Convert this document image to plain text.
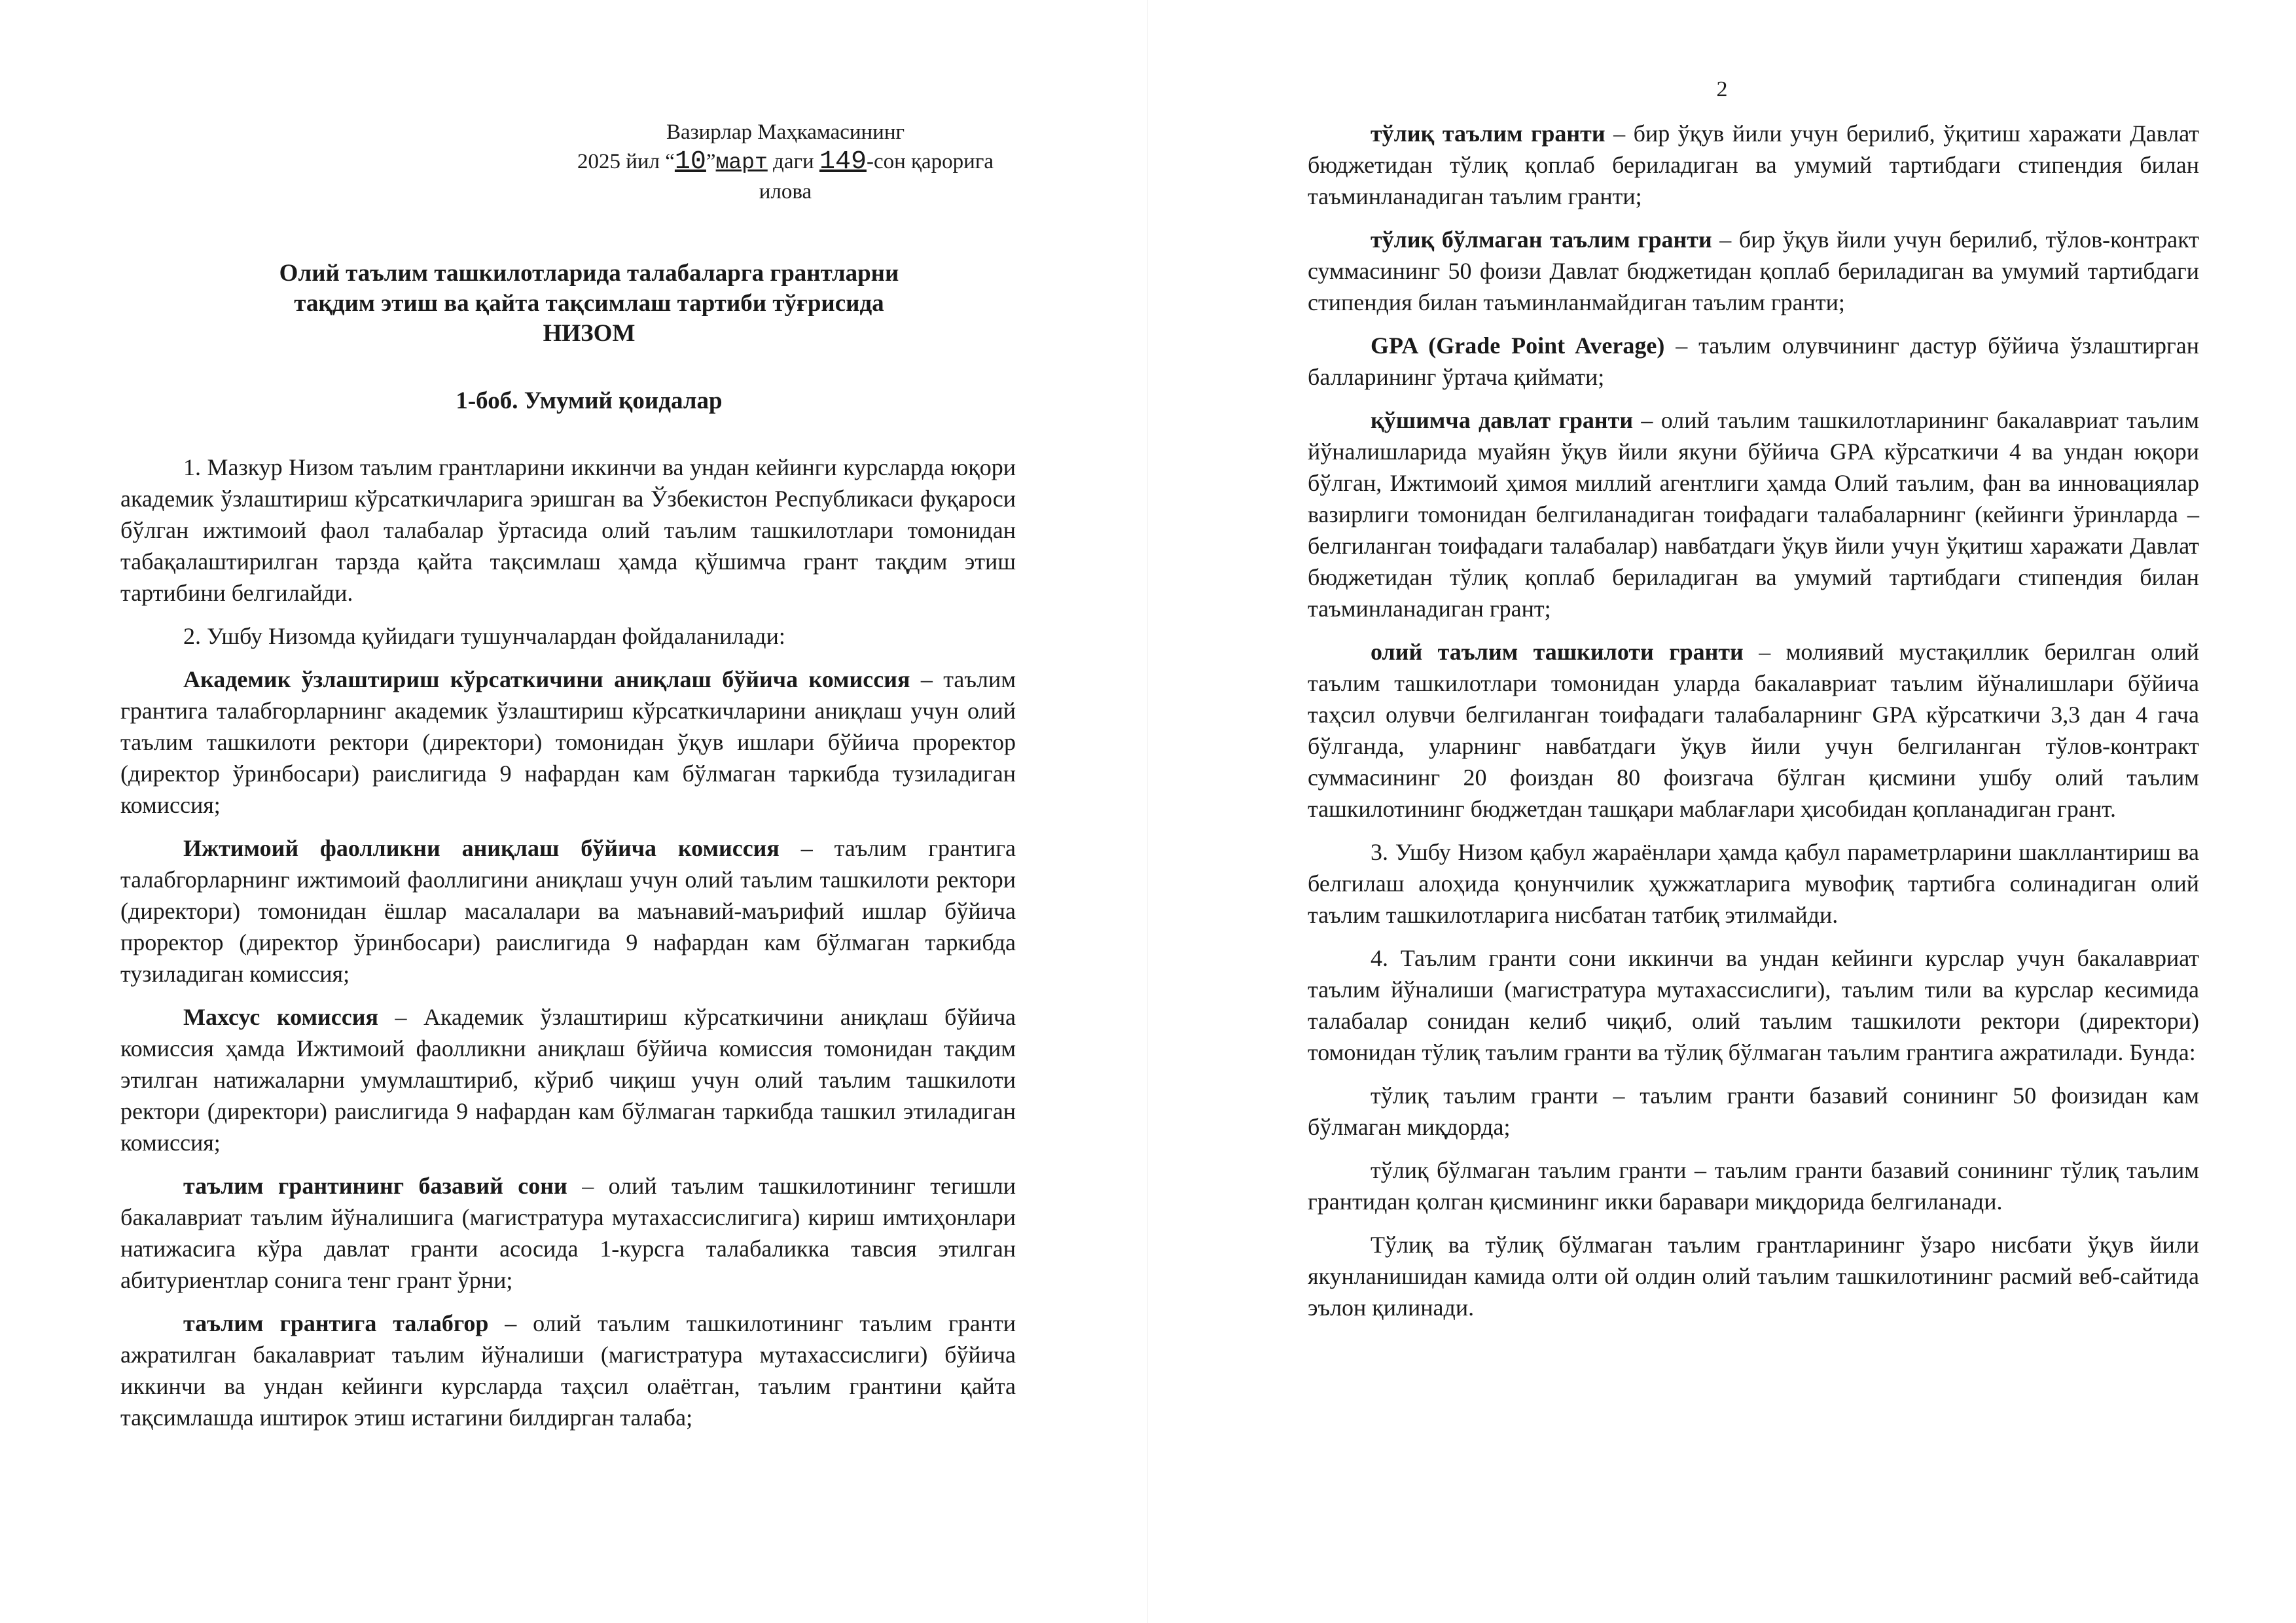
Вазирлар Маҳкамасининг
2025 йил “10”март даги 149-сон қарорига
илова
Олий таълим ташкилотларида талабаларга грантларни
тақдим этиш ва қайта тақсимлаш тартиби тўғрисида
НИЗОМ
1-боб. Умумий қоидалар

1. Мазкур Низом таълим грантларини иккинчи ва ундан кейинги курсларда юқори академик ўзлаштириш кўрсаткичларига эришган ва Ўзбекистон Республикаси фуқароси бўлган ижтимоий фаол талабалар ўртасида олий таълим ташкилотлари томонидан табақалаштирилган тарзда қайта тақсимлаш ҳамда қўшимча грант тақдим этиш тартибини белгилайди.

2. Ушбу Низомда қуйидаги тушунчалардан фойдаланилади:

Академик ўзлаштириш кўрсаткичини аниқлаш бўйича комиссия – таълим грантига талабгорларнинг академик ўзлаштириш кўрсаткичларини аниқлаш учун олий таълим ташкилоти ректори (директори) томонидан ўқув ишлари бўйича проректор (директор ўринбосари) раислигида 9 нафардан кам бўлмаган таркибда тузиладиган комиссия;

Ижтимоий фаолликни аниқлаш бўйича комиссия – таълим грантига талабгорларнинг ижтимоий фаоллигини аниқлаш учун олий таълим ташкилоти ректори (директори) томонидан ёшлар масалалари ва маънавий-маърифий ишлар бўйича проректор (директор ўринбосари) раислигида 9 нафардан кам бўлмаган таркибда тузиладиган комиссия;

Махсус комиссия – Академик ўзлаштириш кўрсаткичини аниқлаш бўйича комиссия ҳамда Ижтимоий фаолликни аниқлаш бўйича комиссия томонидан тақдим этилган натижаларни умумлаштириб, кўриб чиқиш учун олий таълим ташкилоти ректори (директори) раислигида 9 нафардан кам бўлмаган таркибда ташкил этиладиган комиссия;

таълим грантининг базавий сони – олий таълим ташкилотининг тегишли бакалавриат таълим йўналишига (магистратура мутахассислигига) кириш имтиҳонлари натижасига кўра давлат гранти асосида 1-курсга талабаликка тавсия этилган абитуриентлар сонига тенг грант ўрни;

таълим грантига талабгор – олий таълим ташкилотининг таълим гранти ажратилган бакалавриат таълим йўналиши (магистратура мутахассислиги) бўйича иккинчи ва ундан кейинги курсларда таҳсил олаётган, таълим грантини қайта тақсимлашда иштирок этиш истагини билдирган талаба;

2

тўлиқ таълим гранти – бир ўқув йили учун берилиб, ўқитиш харажати Давлат бюджетидан тўлиқ қоплаб бериладиган ва умумий тартибдаги стипендия билан таъминланадиган таълим гранти;

тўлиқ бўлмаган таълим гранти – бир ўқув йили учун берилиб, тўлов-контракт суммасининг 50 фоизи Давлат бюджетидан қоплаб бериладиган ва умумий тартибдаги стипендия билан таъминланмайдиган таълим гранти;

GPA (Grade Point Average) – таълим олувчининг дастур бўйича ўзлаштирган балларининг ўртача қиймати;

қўшимча давлат гранти – олий таълим ташкилотларининг бакалавриат таълим йўналишларида муайян ўқув йили якуни бўйича GPA кўрсаткичи 4 ва ундан юқори бўлган, Ижтимоий ҳимоя миллий агентлиги ҳамда Олий таълим, фан ва инновациялар вазирлиги томонидан белгиланадиган тоифадаги талабаларнинг (кейинги ўринларда – белгиланган тоифадаги талабалар) навбатдаги ўқув йили учун ўқитиш харажати Давлат бюджетидан тўлиқ қоплаб бериладиган ва умумий тартибдаги стипендия билан таъминланадиган грант;

олий таълим ташкилоти гранти – молиявий мустақиллик берилган олий таълим ташкилотлари томонидан уларда бакалавриат таълим йўналишлари бўйича таҳсил олувчи белгиланган тоифадаги талабаларнинг GPA кўрсаткичи 3,3 дан 4 гача бўлганда, уларнинг навбатдаги ўқув йили учун белгиланган тўлов-контракт суммасининг 20 фоиздан 80 фоизгача бўлган қисмини ушбу олий таълим ташкилотининг бюджетдан ташқари маблағлари ҳисобидан қопланадиган грант.

3. Ушбу Низом қабул жараёнлари ҳамда қабул параметрларини шакллантириш ва белгилаш алоҳида қонунчилик ҳужжатларига мувофиқ тартибга солинадиган олий таълим ташкилотларига нисбатан татбиқ этилмайди.

4. Таълим гранти сони иккинчи ва ундан кейинги курслар учун бакалавриат таълим йўналиши (магистратура мутахассислиги), таълим тили ва курслар кесимида талабалар сонидан келиб чиқиб, олий таълим ташкилоти ректори (директори) томонидан тўлиқ таълим гранти ва тўлиқ бўлмаган таълим грантига ажратилади. Бунда:

тўлиқ таълим гранти – таълим гранти базавий сонининг 50 фоизидан кам бўлмаган миқдорда;

тўлиқ бўлмаган таълим гранти – таълим гранти базавий сонининг тўлиқ таълим грантидан қолган қисмининг икки баравари миқдорида белгиланади.

Тўлиқ ва тўлиқ бўлмаган таълим грантларининг ўзаро нисбати ўқув йили якунланишидан камида олти ой олдин олий таълим ташкилотининг расмий веб-сайтида эълон қилинади.
